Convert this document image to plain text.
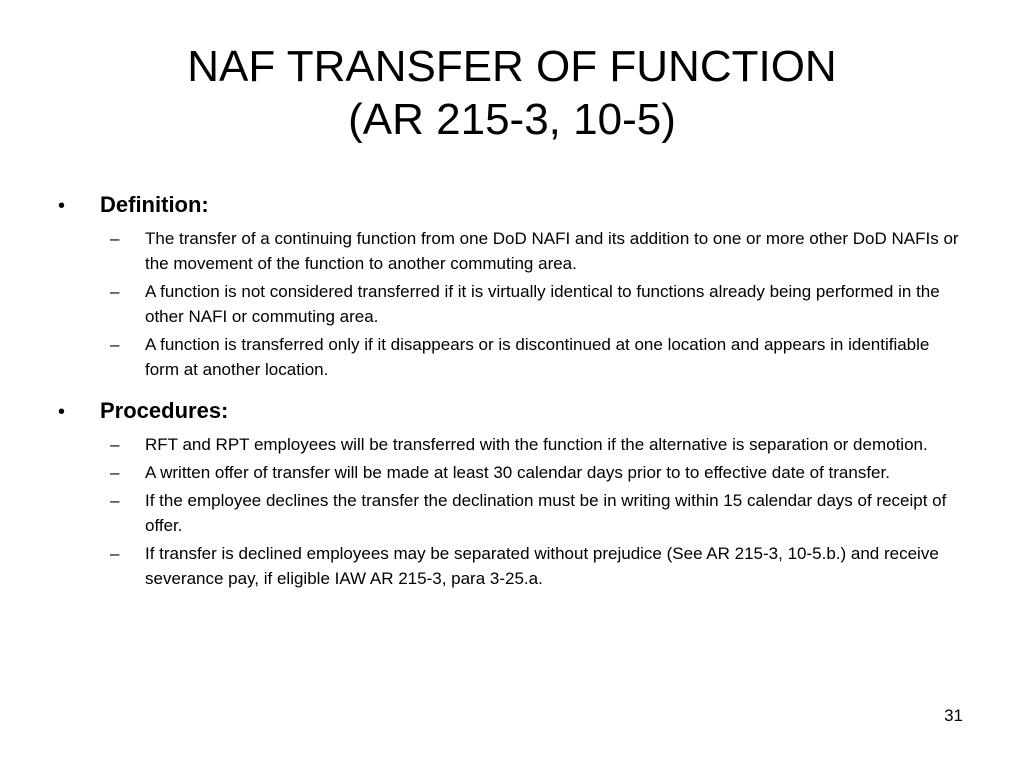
NAF TRANSFER OF FUNCTION
(AR 215-3, 10-5)
•	Definition:
–	The transfer of a continuing function from one DoD NAFI and its addition to one or more other DoD NAFIs or the movement of the function to another commuting area.
–	A function is not considered transferred if it is virtually identical to functions already being performed in the other NAFI or commuting area.
–	A function is transferred only if it disappears or is discontinued at one location and appears in identifiable form at another location.
•	Procedures:
–	RFT and RPT employees will be transferred with the function if the alternative is separation or demotion.
–	A written offer of transfer will be made at least 30 calendar days prior to to effective date of transfer.
–	If the employee declines the transfer the declination must be in writing within 15 calendar days of receipt of offer.
–	If transfer is declined employees may be separated without prejudice (See AR 215-3, 10-5.b.) and receive severance pay, if eligible IAW AR 215-3, para 3-25.a.
31
